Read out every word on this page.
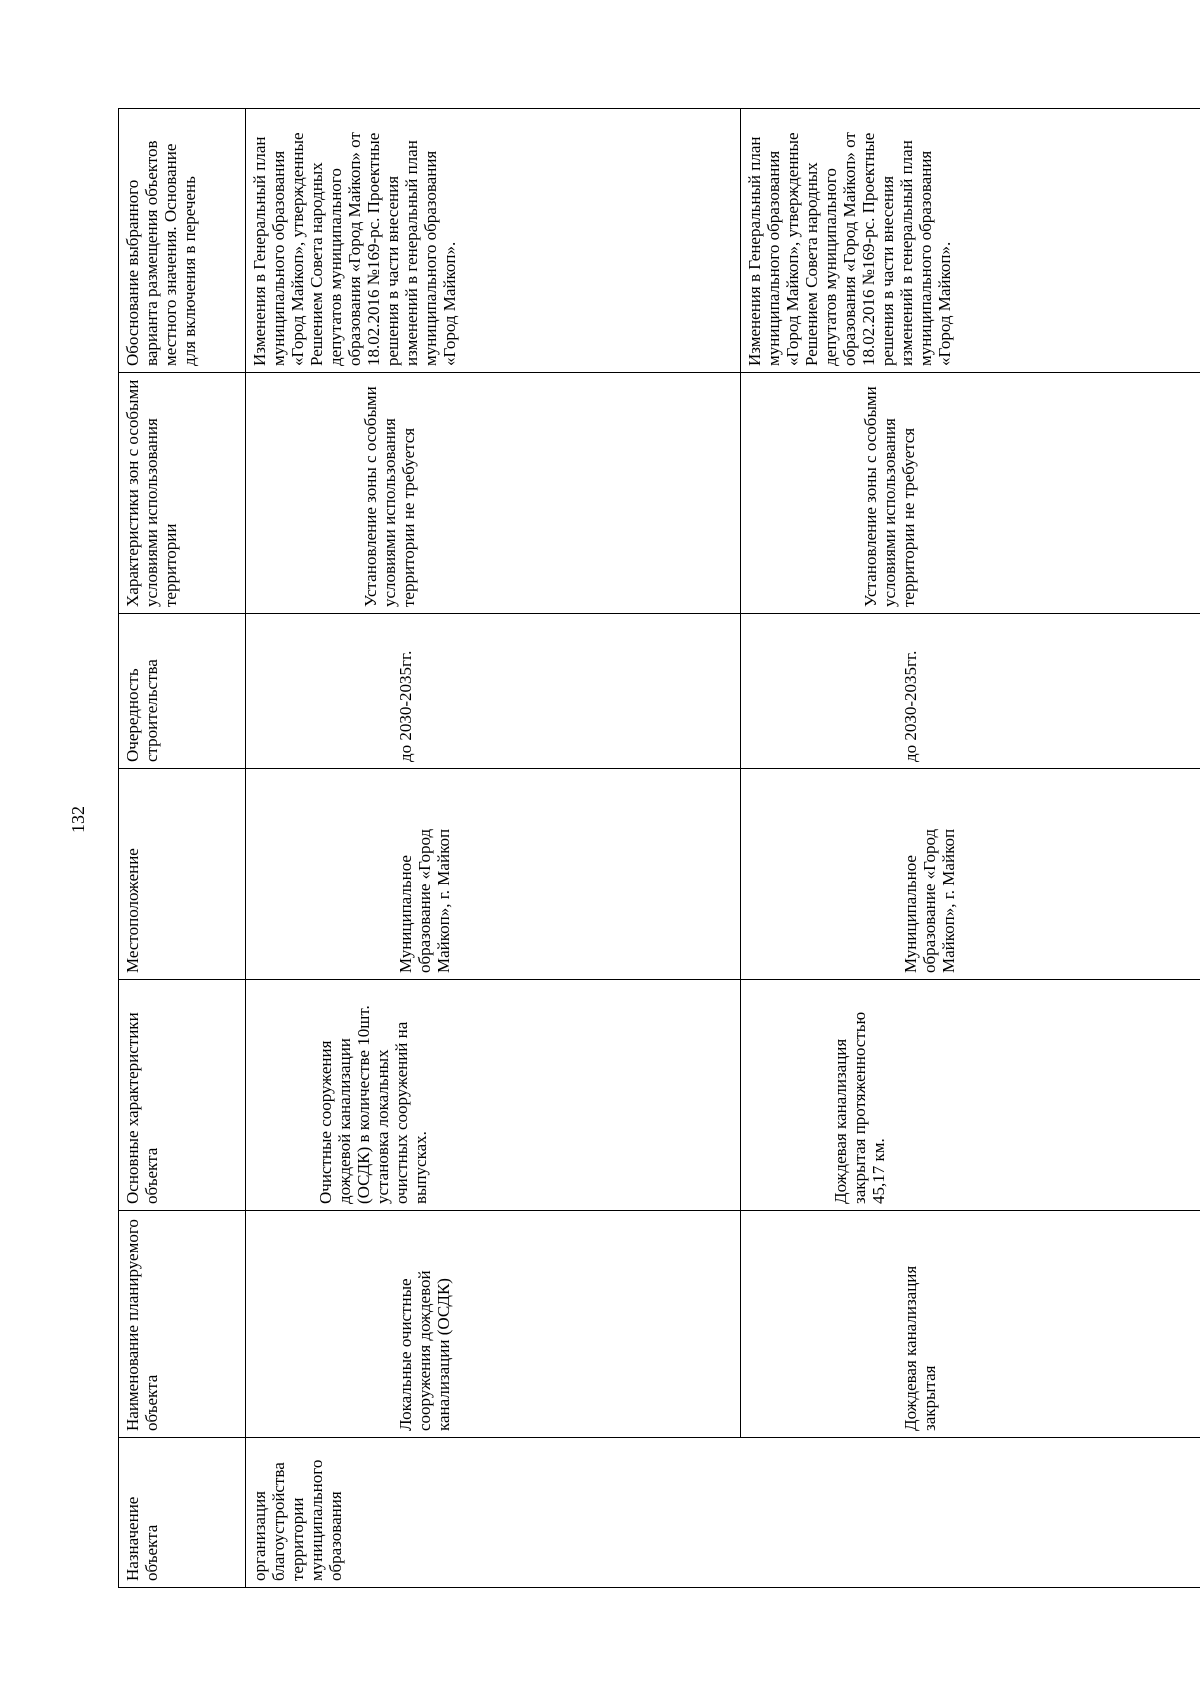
132
Назначение объекта	Наименование планируемого объекта	Основные характеристики объекта	Местоположение	Очередность строительства	Характеристики зон с особыми условиями использования территории	Обоснование выбранного варианта размещения объектов местного значения. Основание для включения в перечень
организация благоустройства территории муниципального образования	Локальные очистные сооружения дождевой канализации (ОСДК)	Очистные сооружения дождевой канализации (ОСДК) в количестве 10шт. установка локальных очистных сооружений на выпусках.	Муниципальное образование «Город Майкоп», г. Майкоп	до 2030-2035гг.	Установление зоны с особыми условиями использования территории не требуется	Изменения в Генеральный план муниципального образования «Город Майкоп», утвержденные Решением Совета народных депутатов муниципального образования «Город Майкоп» от 18.02.2016 №169-рс. Проектные решения в части внесения изменений в генеральный план муниципального образования «Город Майкоп».
	Дождевая канализация закрытая	Дождевая канализация закрытая протяженностью 45,17 км.	Муниципальное образование «Город Майкоп», г. Майкоп	до 2030-2035гг.	Установление зоны с особыми условиями использования территории не требуется	Изменения в Генеральный план муниципального образования «Город Майкоп», утвержденные Решением Совета народных депутатов муниципального образования «Город Майкоп» от 18.02.2016 №169-рс. Проектные решения в части внесения изменений в генеральный план муниципального образования «Город Майкоп».
